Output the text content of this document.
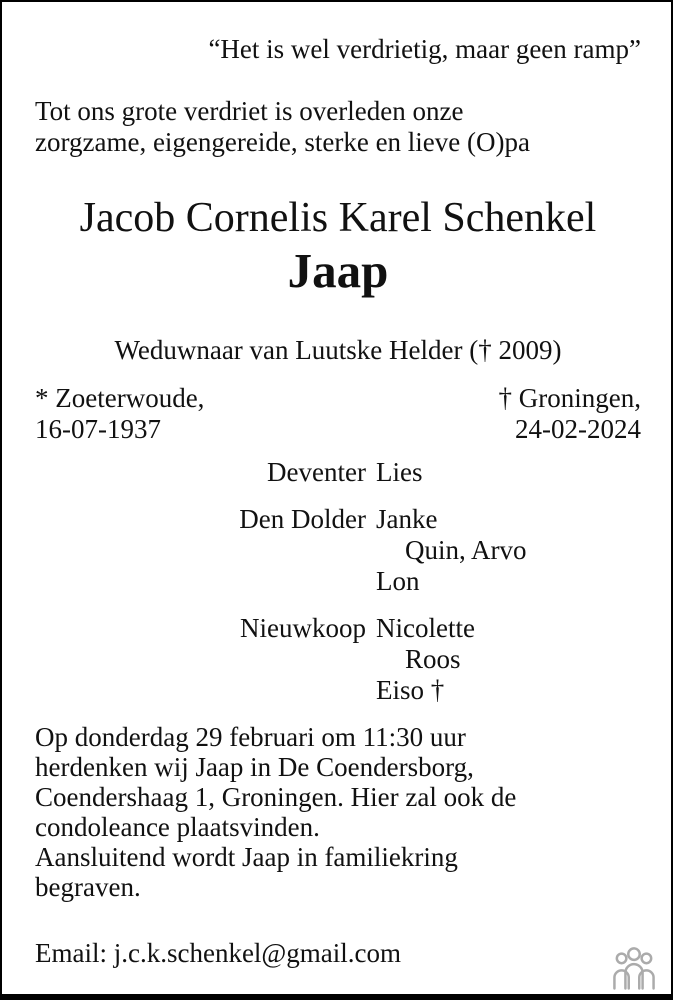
“Het is wel verdrietig, maar geen ramp”
Tot ons grote verdriet is overleden onze
zorgzame, eigengereide, sterke en lieve (O)pa
Jacob Cornelis Karel Schenkel
Jaap
Weduwnaar van Luutske Helder († 2009)
* Zoeterwoude,
16-07-1937
† Groningen,
24-02-2024
Deventer Lies
Den Dolder Janke
Quin, Arvo
Lon
Nieuwkoop Nicolette
Roos
Eiso †
Op donderdag 29 februari om 11:30 uur
herdenken wij Jaap in De Coendersborg,
Coendershaag 1, Groningen. Hier zal ook de
condoleance plaatsvinden.
Aansluitend wordt Jaap in familiekring
begraven.
Email: j.c.k.schenkel@gmail.com
